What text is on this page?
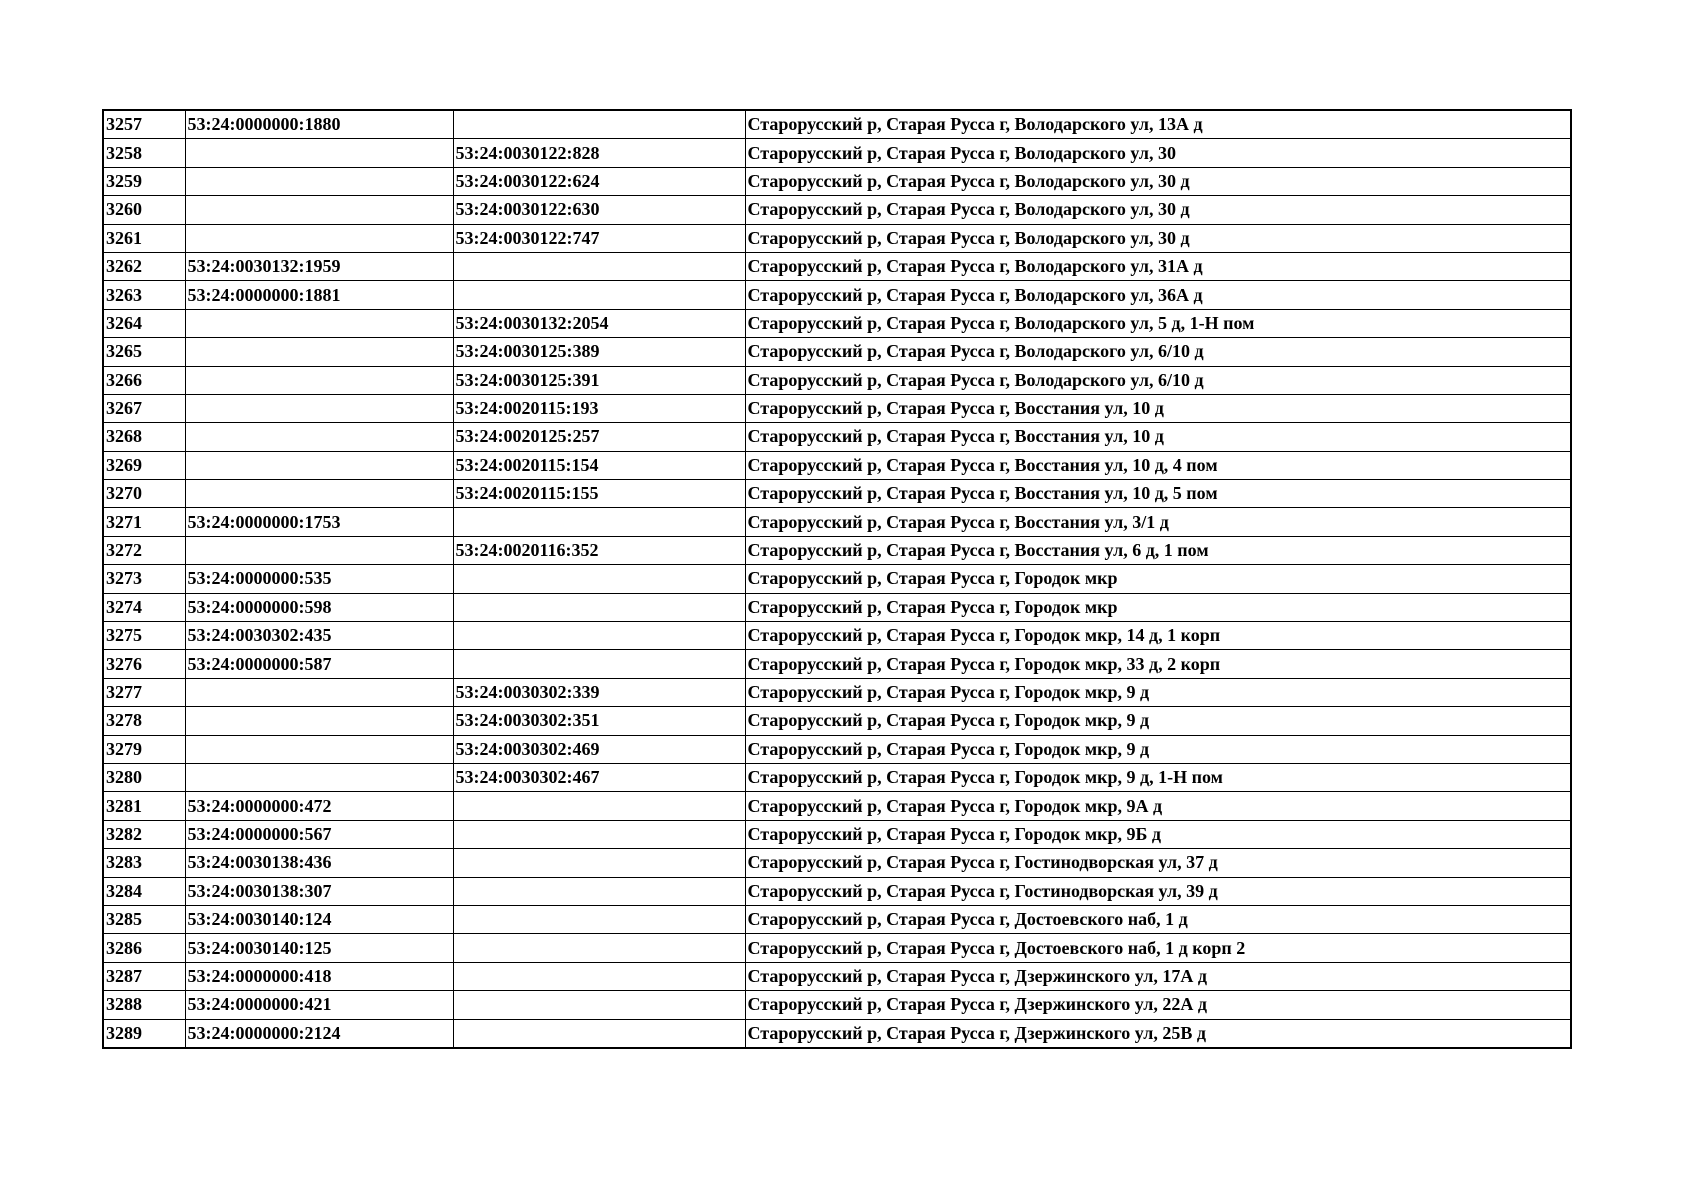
3257	53:24:0000000:1880		Старорусский р, Старая Русса г, Володарского ул, 13А д
3258		53:24:0030122:828	Старорусский р, Старая Русса г, Володарского ул, 30
3259		53:24:0030122:624	Старорусский р, Старая Русса г, Володарского ул, 30 д
3260		53:24:0030122:630	Старорусский р, Старая Русса г, Володарского ул, 30 д
3261		53:24:0030122:747	Старорусский р, Старая Русса г, Володарского ул, 30 д
3262	53:24:0030132:1959		Старорусский р, Старая Русса г, Володарского ул, 31А д
3263	53:24:0000000:1881		Старорусский р, Старая Русса г, Володарского ул, 36А д
3264		53:24:0030132:2054	Старорусский р, Старая Русса г, Володарского ул, 5 д, 1-Н пом
3265		53:24:0030125:389	Старорусский р, Старая Русса г, Володарского ул, 6/10 д
3266		53:24:0030125:391	Старорусский р, Старая Русса г, Володарского ул, 6/10 д
3267		53:24:0020115:193	Старорусский р, Старая Русса г, Восстания ул, 10 д
3268		53:24:0020125:257	Старорусский р, Старая Русса г, Восстания ул, 10 д
3269		53:24:0020115:154	Старорусский р, Старая Русса г, Восстания ул, 10 д, 4 пом
3270		53:24:0020115:155	Старорусский р, Старая Русса г, Восстания ул, 10 д, 5 пом
3271	53:24:0000000:1753		Старорусский р, Старая Русса г, Восстания ул, 3/1 д
3272		53:24:0020116:352	Старорусский р, Старая Русса г, Восстания ул, 6 д, 1 пом
3273	53:24:0000000:535		Старорусский р, Старая Русса г, Городок мкр
3274	53:24:0000000:598		Старорусский р, Старая Русса г, Городок мкр
3275	53:24:0030302:435		Старорусский р, Старая Русса г, Городок мкр, 14 д, 1 корп
3276	53:24:0000000:587		Старорусский р, Старая Русса г, Городок мкр, 33 д, 2 корп
3277		53:24:0030302:339	Старорусский р, Старая Русса г, Городок мкр, 9 д
3278		53:24:0030302:351	Старорусский р, Старая Русса г, Городок мкр, 9 д
3279		53:24:0030302:469	Старорусский р, Старая Русса г, Городок мкр, 9 д
3280		53:24:0030302:467	Старорусский р, Старая Русса г, Городок мкр, 9 д, 1-Н пом
3281	53:24:0000000:472		Старорусский р, Старая Русса г, Городок мкр, 9А д
3282	53:24:0000000:567		Старорусский р, Старая Русса г, Городок мкр, 9Б д
3283	53:24:0030138:436		Старорусский р, Старая Русса г, Гостинодворская ул, 37 д
3284	53:24:0030138:307		Старорусский р, Старая Русса г, Гостинодворская ул, 39 д
3285	53:24:0030140:124		Старорусский р, Старая Русса г, Достоевского наб, 1 д
3286	53:24:0030140:125		Старорусский р, Старая Русса г, Достоевского наб, 1 д корп 2
3287	53:24:0000000:418		Старорусский р, Старая Русса г, Дзержинского ул, 17А д
3288	53:24:0000000:421		Старорусский р, Старая Русса г, Дзержинского ул, 22А д
3289	53:24:0000000:2124		Старорусский р, Старая Русса г, Дзержинского ул, 25В д
